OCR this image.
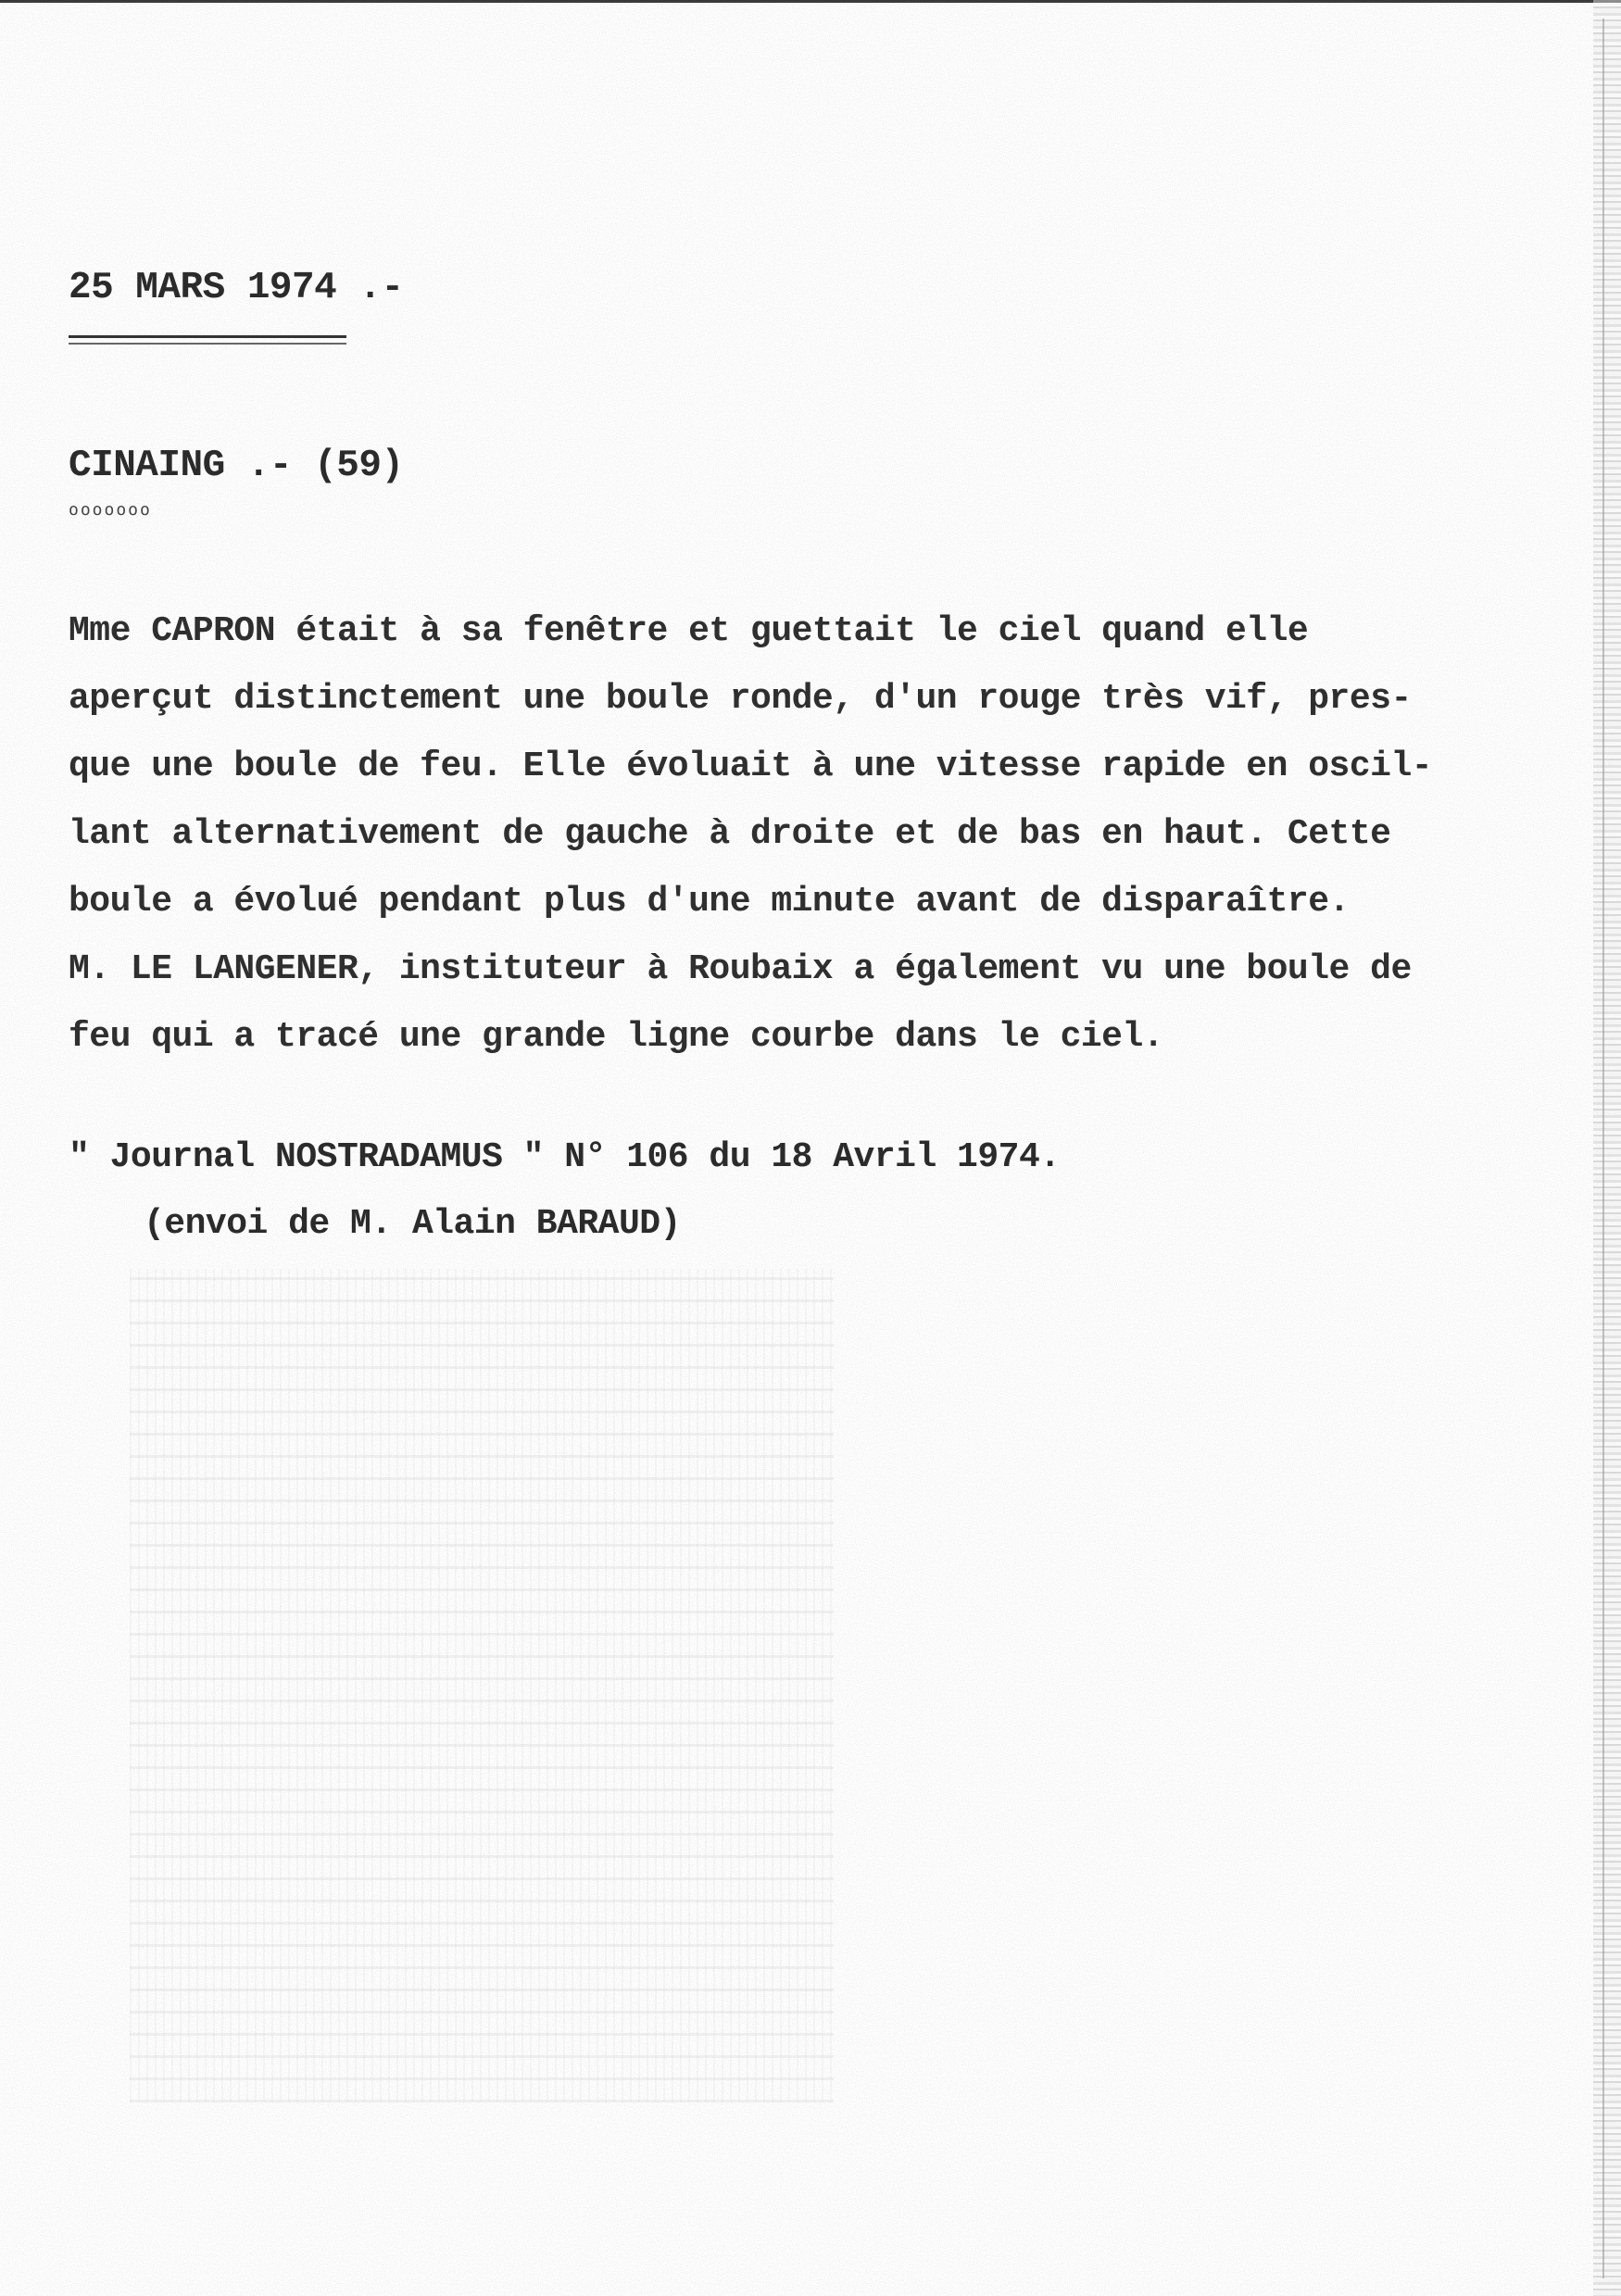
25 MARS 1974 .-
CINAING .- (59)
ooooooo
Mme CAPRON était à sa fenêtre et guettait le ciel quand elle
aperçut distinctement une boule ronde, d'un rouge très vif, pres-
que une boule de feu. Elle évoluait à une vitesse rapide en oscil-
lant alternativement de gauche à droite et de bas en haut. Cette
boule a évolué pendant plus d'une minute avant de disparaître.
M. LE LANGENER, instituteur à Roubaix a également vu une boule de
feu qui a tracé une grande ligne courbe dans le ciel.
" Journal NOSTRADAMUS " N° 106 du 18 Avril 1974.
(envoi de M. Alain BARAUD)
